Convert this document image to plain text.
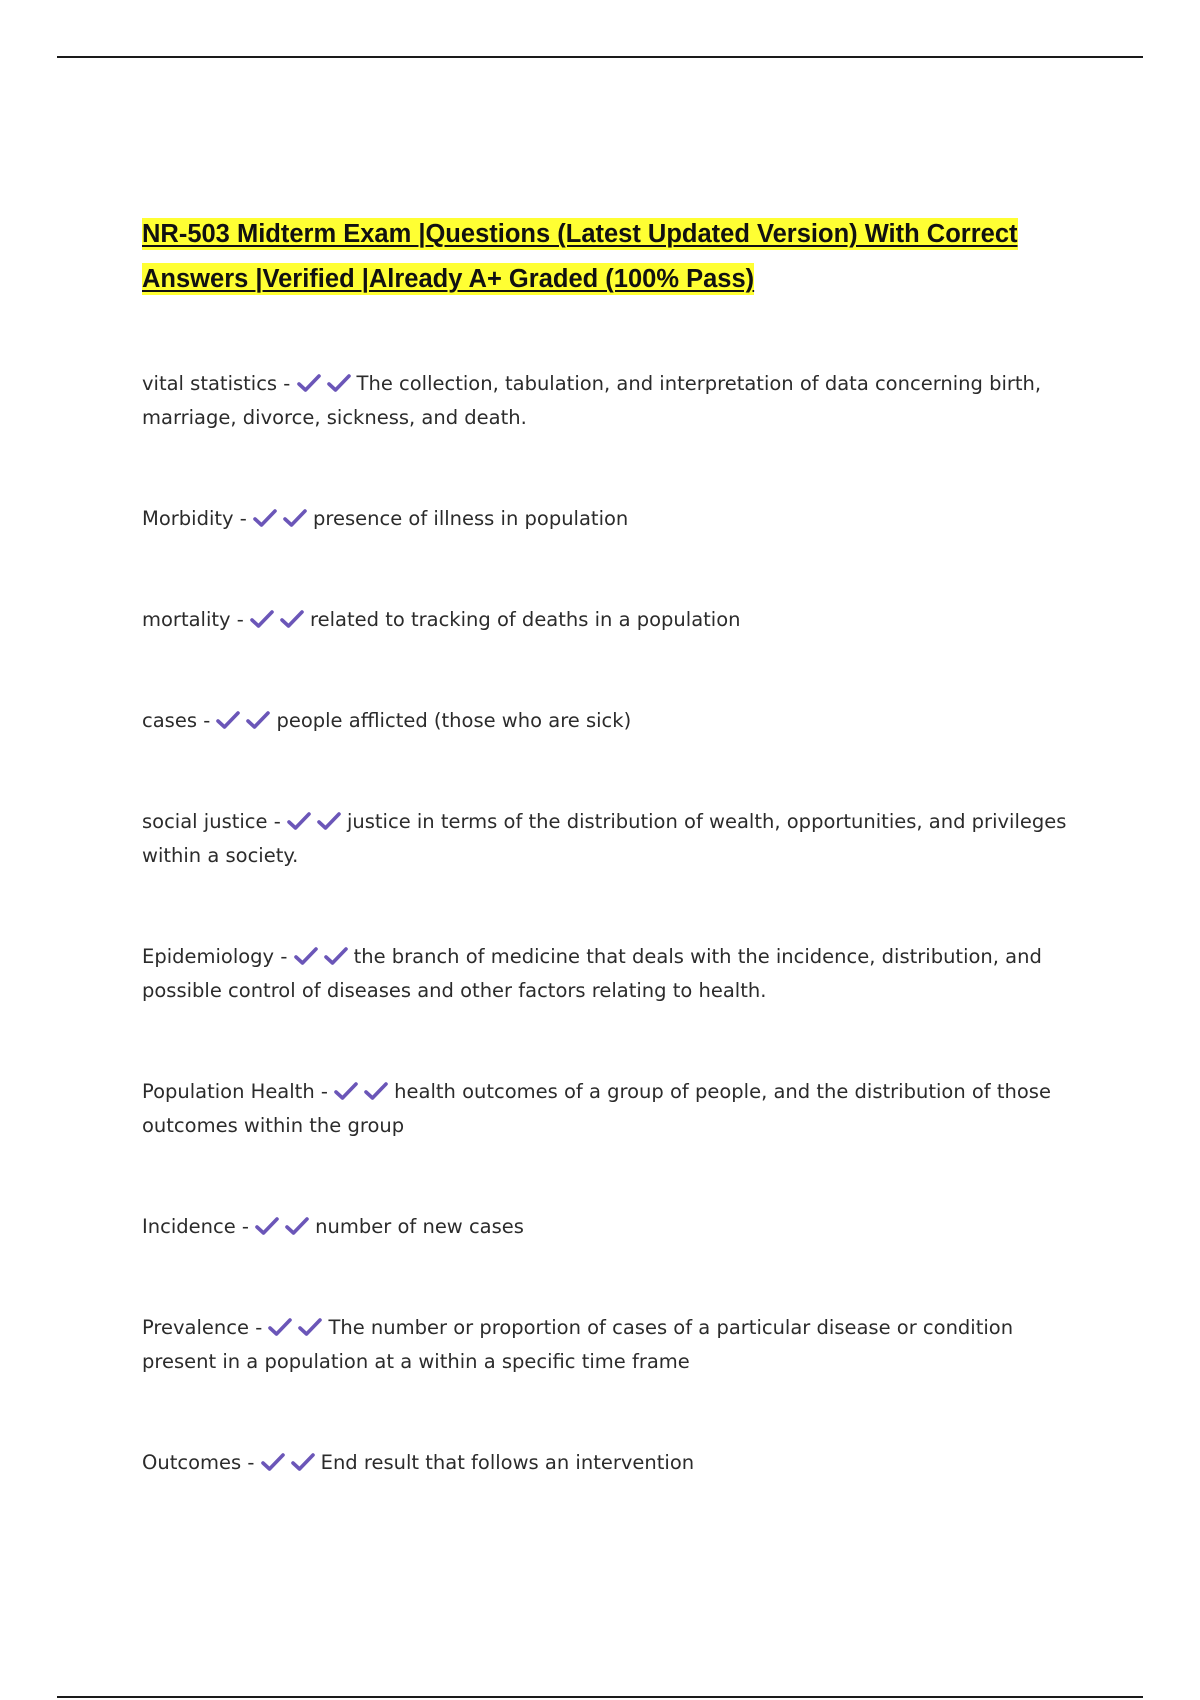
NR-503 Midterm Exam |Questions (Latest Updated Version) With Correct Answers |Verified |Already A+ Graded (100% Pass)

vital statistics -	The collection, tabulation, and interpretation of data concerning birth, marriage, divorce, sickness, and death.

Morbidity -	presence of illness in population

mortality -	related to tracking of deaths in a population

cases -	people afflicted (those who are sick)

social justice -	justice in terms of the distribution of wealth, opportunities, and privileges within a society.

Epidemiology -	the branch of medicine that deals with the incidence, distribution, and possible control of diseases and other factors relating to health.

Population Health -	health outcomes of a group of people, and the distribution of those outcomes within the group

Incidence -	number of new cases

Prevalence -	The number or proportion of cases of a particular disease or condition present in a population at a within a specific time frame

Outcomes -	End result that follows an intervention
